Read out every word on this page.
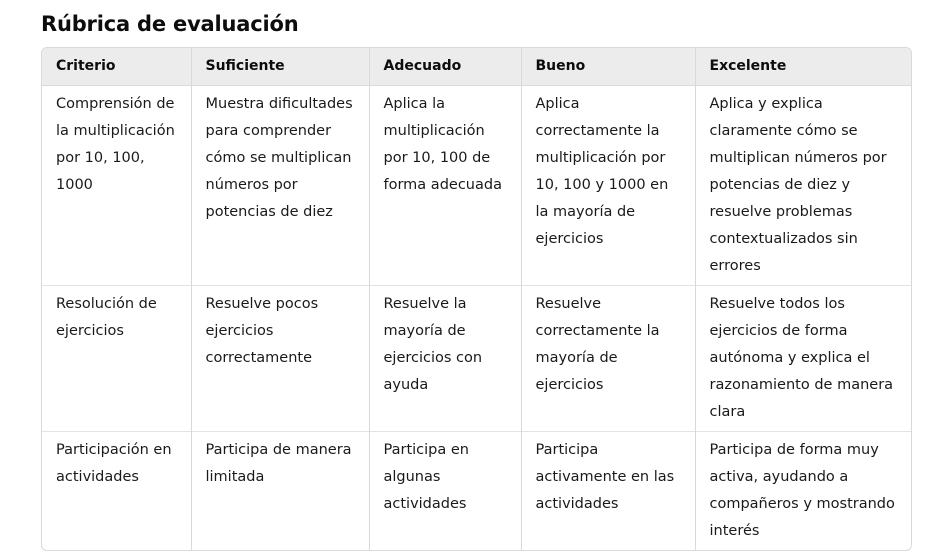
Rúbrica de evaluación
Criterio	Suficiente	Adecuado	Bueno	Excelente
Comprensión de la multiplicación por 10, 100, 1000	Muestra dificultades para comprender cómo se multiplican números por potencias de diez	Aplica la multiplicación por 10, 100 de forma adecuada	Aplica correctamente la multiplicación por 10, 100 y 1000 en la mayoría de ejercicios	Aplica y explica claramente cómo se multiplican números por potencias de diez y resuelve problemas contextualizados sin errores
Resolución de ejercicios	Resuelve pocos ejercicios correctamente	Resuelve la mayoría de ejercicios con ayuda	Resuelve correctamente la mayoría de ejercicios	Resuelve todos los ejercicios de forma autónoma y explica el razonamiento de manera clara
Participación en actividades	Participa de manera limitada	Participa en algunas actividades	Participa activamente en las actividades	Participa de forma muy activa, ayudando a compañeros y mostrando interés
